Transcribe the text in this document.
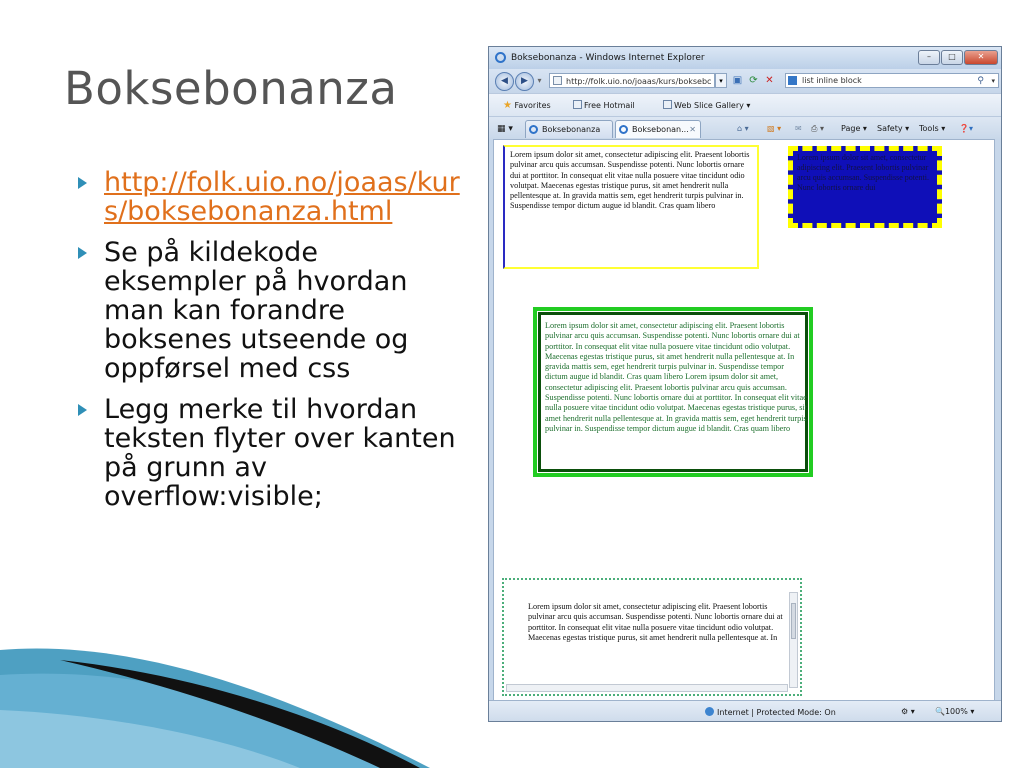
Boksebonanza
http://folk.uio.no/joaas/kurs/boksebonanza.html
Se på kildekode eksempler på hvordan man kan forandre boksenes utseende og oppførsel med css
Legg merke til hvordan teksten flyter over kanten på grunn av overflow:visible;
Boksebonanza - Windows Internet Explorer	–	□	✕
◀	▶	▾	http://folk.uio.no/joaas/kurs/boksebc	▾	▣ ⟳ ✕	list inline block	⚲ ▾
★ Favorites	Free Hotmail	Web Slice Gallery ▾
▦ ▾	Boksebonanza	Boksebonan... ✕	⌂ ▾ ▧ ▾ ✉ ⎙ ▾ Page ▾ Safety ▾ Tools ▾ ❓▾
Lorem ipsum dolor sit amet, consectetur adipiscing elit. Praesent lobortis pulvinar arcu quis accumsan. Suspendisse potenti. Nunc lobortis ornare dui at porttitor. In consequat elit vitae nulla posuere vitae tincidunt odio volutpat. Maecenas egestas tristique purus, sit amet hendrerit nulla pellentesque at. In gravida mattis sem, eget hendrerit turpis pulvinar in. Suspendisse tempor dictum augue id blandit. Cras quam libero
Lorem ipsum dolor sit amet, consectetur adipiscing elit. Praesent lobortis pulvinar arcu quis accumsan. Suspendisse potenti. Nunc lobortis ornare dui
Lorem ipsum dolor sit amet, consectetur adipiscing elit. Praesent lobortis pulvinar arcu quis accumsan. Suspendisse potenti. Nunc lobortis ornare dui at porttitor. In consequat elit vitae nulla posuere vitae tincidunt odio volutpat. Maecenas egestas tristique purus, sit amet hendrerit nulla pellentesque at. In gravida mattis sem, eget hendrerit turpis pulvinar in. Suspendisse tempor dictum augue id blandit. Cras quam libero Lorem ipsum dolor sit amet, consectetur adipiscing elit. Praesent lobortis pulvinar arcu quis accumsan. Suspendisse potenti. Nunc lobortis ornare dui at porttitor. In consequat elit vitae nulla posuere vitae tincidunt odio volutpat. Maecenas egestas tristique purus, sit amet hendrerit nulla pellentesque at. In gravida mattis sem, eget hendrerit turpis pulvinar in. Suspendisse tempor dictum augue id blandit. Cras quam libero
Lorem ipsum dolor sit amet, consectetur adipiscing elit. Praesent lobortis pulvinar arcu quis accumsan. Suspendisse potenti. Nunc lobortis ornare dui at porttitor. In consequat elit vitae nulla posuere vitae tincidunt odio volutpat. Maecenas egestas tristique purus, sit amet hendrerit nulla pellentesque at. In
Internet | Protected Mode: On	⚙ ▾	🔍100% ▾
